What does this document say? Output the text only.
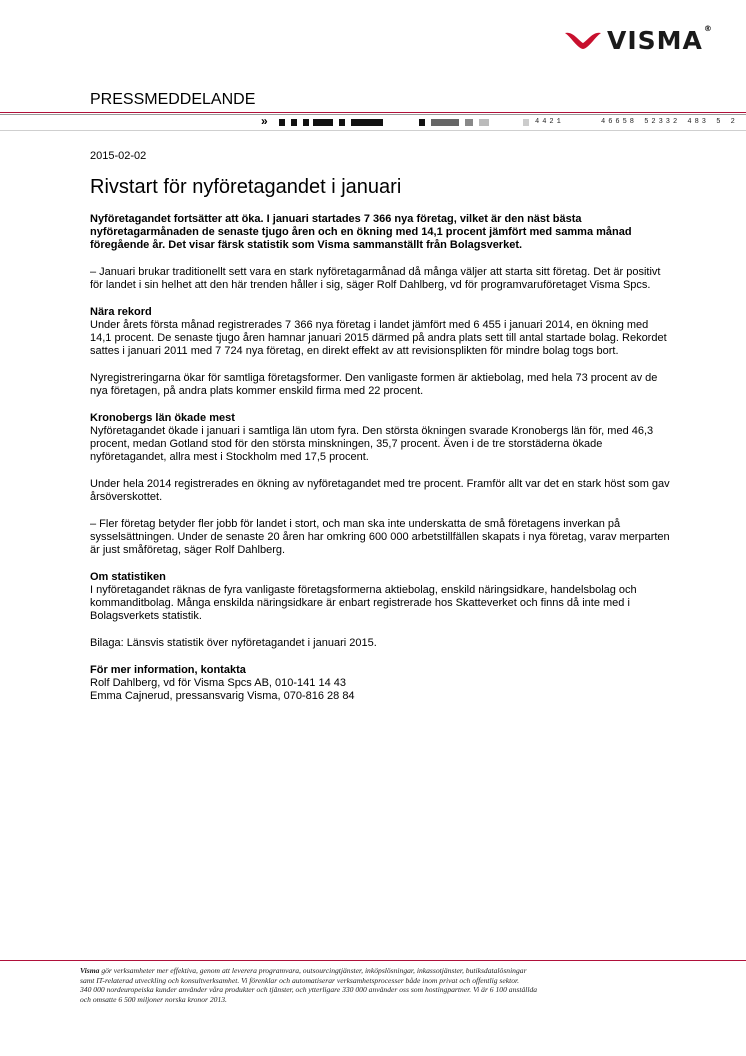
VISMA®
PRESSMEDDELANDE
»	4421	46658 52332 483 5 2
2015-02-02
Rivstart för nyföretagandet i januari

Nyföretagandet fortsätter att öka. I januari startades 7 366 nya företag, vilket är den näst bästa nyföretagarmånaden de senaste tjugo åren och en ökning med 14,1 procent jämfört med samma månad föregående år. Det visar färsk statistik som Visma sammanställt från Bolagsverket.

– Januari brukar traditionellt sett vara en stark nyföretagarmånad då många väljer att starta sitt företag. Det är positivt för landet i sin helhet att den här trenden håller i sig, säger Rolf Dahlberg, vd för programvaruföretaget Visma Spcs.

Nära rekord
Under årets första månad registrerades 7 366 nya företag i landet jämfört med 6 455 i januari 2014, en ökning med 14,1 procent. De senaste tjugo åren hamnar januari 2015 därmed på andra plats sett till antal startade bolag. Rekordet sattes i januari 2011 med 7 724 nya företag, en direkt effekt av att revisionsplikten för mindre bolag togs bort.

Nyregistreringarna ökar för samtliga företagsformer. Den vanligaste formen är aktiebolag, med hela 73 procent av de nya företagen, på andra plats kommer enskild firma med 22 procent.

Kronobergs län ökade mest
Nyföretagandet ökade i januari i samtliga län utom fyra. Den största ökningen svarade Kronobergs län för, med 46,3 procent, medan Gotland stod för den största minskningen, 35,7 procent. Även i de tre storstäderna ökade nyföretagandet, allra mest i Stockholm med 17,5 procent.

Under hela 2014 registrerades en ökning av nyföretagandet med tre procent. Framför allt var det en stark höst som gav årsöverskottet.

– Fler företag betyder fler jobb för landet i stort, och man ska inte underskatta de små företagens inverkan på sysselsättningen. Under de senaste 20 åren har omkring 600 000 arbetstillfällen skapats i nya företag, varav merparten är just småföretag, säger Rolf Dahlberg.

Om statistiken
I nyföretagandet räknas de fyra vanligaste företagsformerna aktiebolag, enskild näringsidkare, handelsbolag och kommanditbolag. Många enskilda näringsidkare är enbart registrerade hos Skatteverket och finns då inte med i Bolagsverkets statistik.

Bilaga: Länsvis statistik över nyföretagandet i januari 2015.

För mer information, kontakta
Rolf Dahlberg, vd för Visma Spcs AB, 010-141 14 43
Emma Cajnerud, pressansvarig Visma, 070-816 28 84
Visma gör verksamheter mer effektiva, genom att leverera programvara, outsourcingtjänster, inköpslösningar, inkassotjänster, butiksdatalösningar
samt IT-relaterad utveckling och konsultverksamhet. Vi förenklar och automatiserar verksamhetsprocesser både inom privat och offentlig sektor.
340 000 nordeuropeiska kunder använder våra produkter och tjänster, och ytterligare 330 000 använder oss som hostingpartner. Vi är 6 100 anställda
och omsatte 6 500 miljoner norska kronor 2013.
